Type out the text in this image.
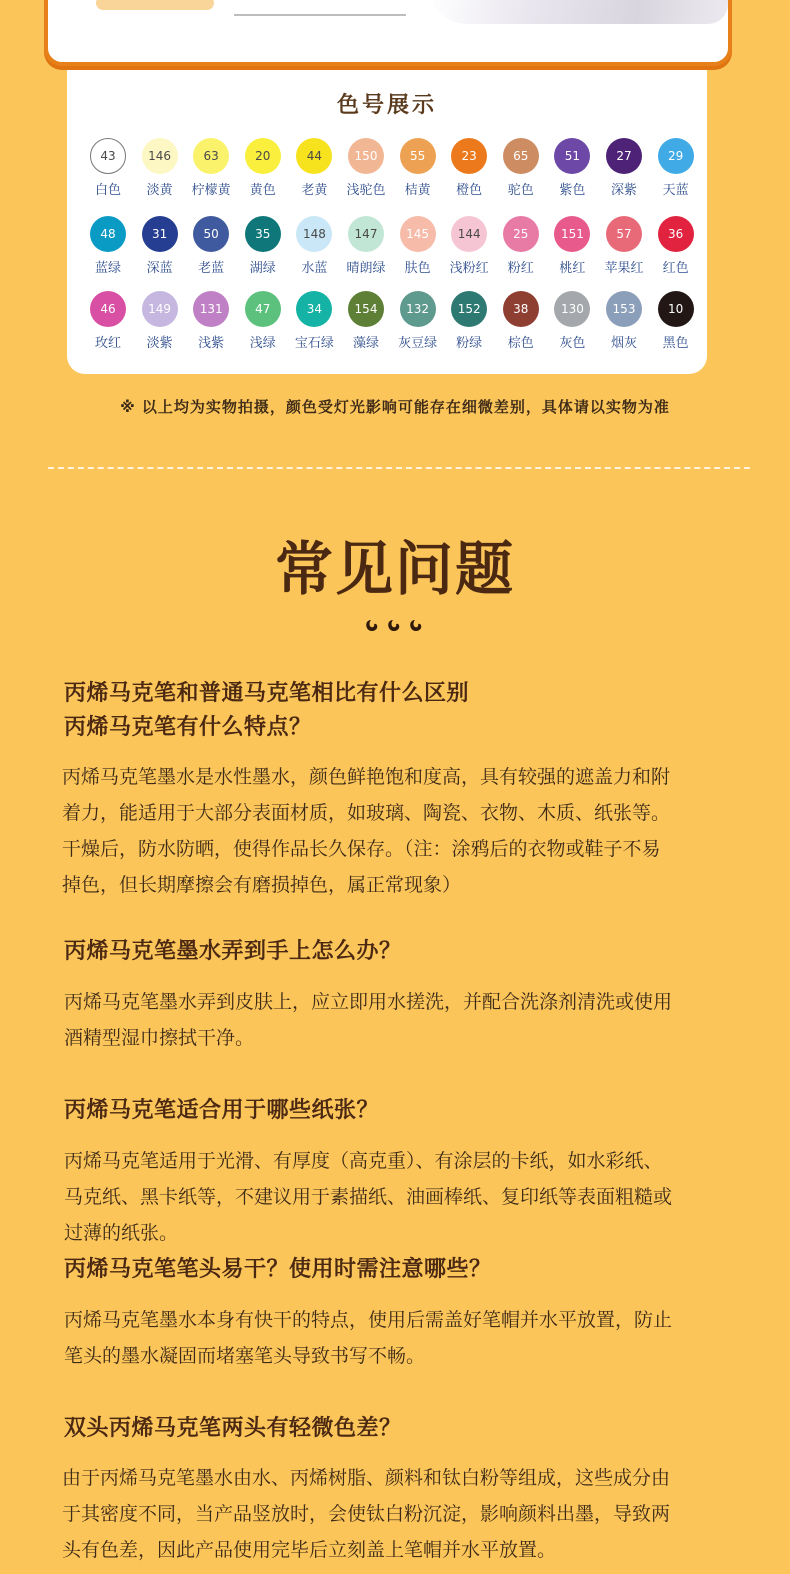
色号展示
43
白色
146
淡黄
63
柠檬黄
20
黄色
44
老黄
150
浅驼色
55
桔黄
23
橙色
65
驼色
51
紫色
27
深紫
29
天蓝
48
蓝绿
31
深蓝
50
老蓝
35
湖绿
148
水蓝
147
晴朗绿
145
肤色
144
浅粉红
25
粉红
151
桃红
57
苹果红
36
红色
46
玫红
149
淡紫
131
浅紫
47
浅绿
34
宝石绿
154
藻绿
132
灰豆绿
152
粉绿
38
棕色
130
灰色
153
烟灰
10
黑色
※ 以上均为实物拍摄，颜色受灯光影响可能存在细微差别，具体请以实物为准
常见问题
丙烯马克笔和普通马克笔相比有什么区别
丙烯马克笔有什么特点？
丙烯马克笔墨水是水性墨水，颜色鲜艳饱和度高，具有较强的遮盖力和附
着力，能适用于大部分表面材质，如玻璃、陶瓷、衣物、木质、纸张等。
干燥后，防水防晒，使得作品长久保存。（注：涂鸦后的衣物或鞋子不易
掉色，但长期摩擦会有磨损掉色，属正常现象）
丙烯马克笔墨水弄到手上怎么办？
丙烯马克笔墨水弄到皮肤上，应立即用水搓洗，并配合洗涤剂清洗或使用
酒精型湿巾擦拭干净。
丙烯马克笔适合用于哪些纸张？
丙烯马克笔适用于光滑、有厚度（高克重）、有涂层的卡纸，如水彩纸、
马克纸、黑卡纸等，不建议用于素描纸、油画棒纸、复印纸等表面粗糙或
过薄的纸张。
丙烯马克笔笔头易干？使用时需注意哪些？
丙烯马克笔墨水本身有快干的特点，使用后需盖好笔帽并水平放置，防止
笔头的墨水凝固而堵塞笔头导致书写不畅。
双头丙烯马克笔两头有轻微色差？
由于丙烯马克笔墨水由水、丙烯树脂、颜料和钛白粉等组成，这些成分由
于其密度不同，当产品竖放时，会使钛白粉沉淀，影响颜料出墨，导致两
头有色差，因此产品使用完毕后立刻盖上笔帽并水平放置。
